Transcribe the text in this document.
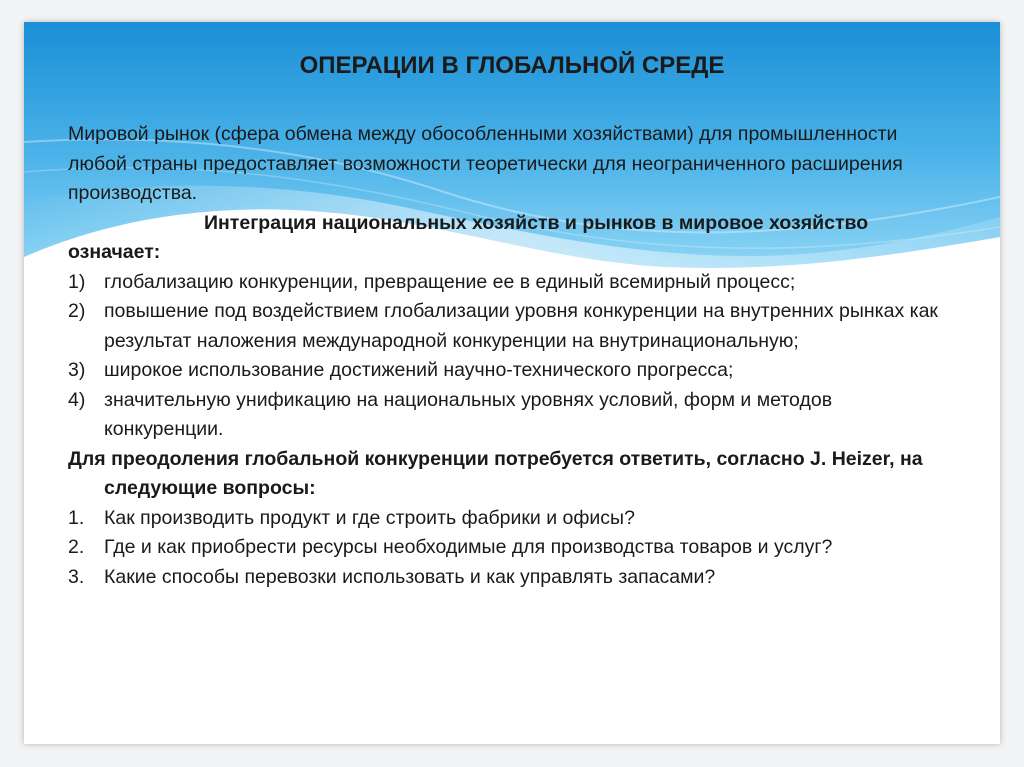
ОПЕРАЦИИ В ГЛОБАЛЬНОЙ СРЕДЕ

Мировой рынок (сфера обмена между обособленными хозяйствами) для промышленности любой страны предоставляет возможности теоретически для неограниченного расширения производства.

Интеграция национальных хозяйств и рынков в мировое хозяйство

означает:

1) глобализацию конкуренции, превращение ее в единый всемирный процесс;
2) повышение под воздействием глобализации уровня конкуренции на внутренних рынках как результат наложения международной конкуренции на внутринациональную;
3) широкое использование достижений научно-технического прогресса;
4) значительную унификацию на национальных уровнях условий, форм и методов конкуренции.
Для преодоления глобальной конкуренции потребуется ответить, согласно J. Heizer, на следующие вопросы:
1.	Как производить продукт и где строить фабрики и офисы?
2.	Где и как приобрести ресурсы необходимые для производства товаров и услуг?
3.	Какие способы перевозки использовать и как управлять запасами?
